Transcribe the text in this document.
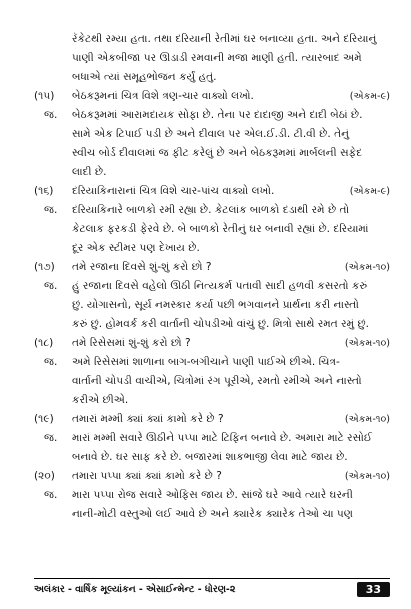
રૅકેટથી રમ્યા હતા. તથા દરિયાની રેતીમાં ઘર બનાવ્યા હતા. અને દરિયાનું
પાણી એકબીજા પર ઊડાડી રમવાની મજા માણી હતી. ત્યારબાદ અમે
બધાએ ત્યાં સમૂહભોજન કર્યું હતું.
(૧૫)	બેઠકરૂમનાં ચિત્ર વિશે ત્રણ-ચાર વાક્યો લખો.	(એકમ-૯)
જ.	બેઠકરૂમમાં આરામદાયક સોફા છે. તેના પર દાદાજી અને દાદી બેઠાં છે.
સામે એક ટિપાઈ પડી છે અને દીવાલ પર એલ.ઈ.ડી. ટી.વી છે. તેનું
સ્વીચ બોર્ડ દીવાલમાં જ ફીટ કરેલું છે અને બેઠકરૂમમાં માર્બલની સફેદ
લાદી છે.
(૧૬)	દરિયાકિનારાનાં ચિત્ર વિશે ચાર-પાંચ વાક્યો લખો.	(એકમ-૯)
જ.	દરિયાકિનારે બાળકો રમી રહ્યા છે. કેટલાંક બાળકો દડાથી રમે છે તો
કેટલાક ફરકડી ફેરવે છે. બે બાળકો રેતીનું ઘર બનાવી રહ્યાં છે. દરિયામાં
દૂર એક સ્ટીમર પણ દેખાય છે.
(૧૭)	તમે રજાના દિવસે શું-શું કરો છો ?	(એકમ-૧૦)
જ.	હું રજાના દિવસે વહેલો ઊઠી નિત્યકર્મ પતાવી સાદી હળવી કસરતો કરું
છું. યોગાસનો, સૂર્ય નમસ્કાર કર્યા પછી ભગવાનને પ્રાર્થના કરી નાસ્તો
કરું છું. હોમવર્ક કરી વાર્તાની ચોપડીઓ વાંચું છું. મિત્રો સાથે રમત રમું છું.
(૧૮)	તમે રિસેસમાં શું-શું કરો છો ?	(એકમ-૧૦)
જ.	અમે રિસેસમાં શાળાના બાગ-બગીચાને પાણી પાઈએ છીએ. ચિત્ર-
વાર્તાની ચોપડી વાચીએ, ચિત્રોમાં રંગ પૂરીએ, રમતો રમીએ અને નાસ્તો
કરીએ છીએ.
(૧૯)	તમારાં મમ્મી ક્યાં ક્યાં કામો કરે છે ?	(એકમ-૧૦)
જ.	મારાં મમ્મી સવારે ઊઠીને પપ્પા માટે ટિફિન બનાવે છે. અમારા માટે રસોઈ
બનાવે છે. ઘર સાફ કરે છે. બજારમાં શાકભાજી લેવા માટે જાય છે.
(૨૦)	તમારા પપ્પા ક્યાં ક્યાં કામો કરે છે ?	(એકમ-૧૦)
જ.	મારા પપ્પા રોજ સવારે ઓફિસ જાય છે. સાંજે ઘરે આવે ત્યારે ઘરની
નાની-મોટી વસ્તુઓ લઈ આવે છે અને ક્યારેક ક્યારેક તેઓ ચા પણ
અલંકાર - વાર્ષિક મૂલ્યાંકન - એસાઈન્મેન્ટ - ધોરણ-૨	33
